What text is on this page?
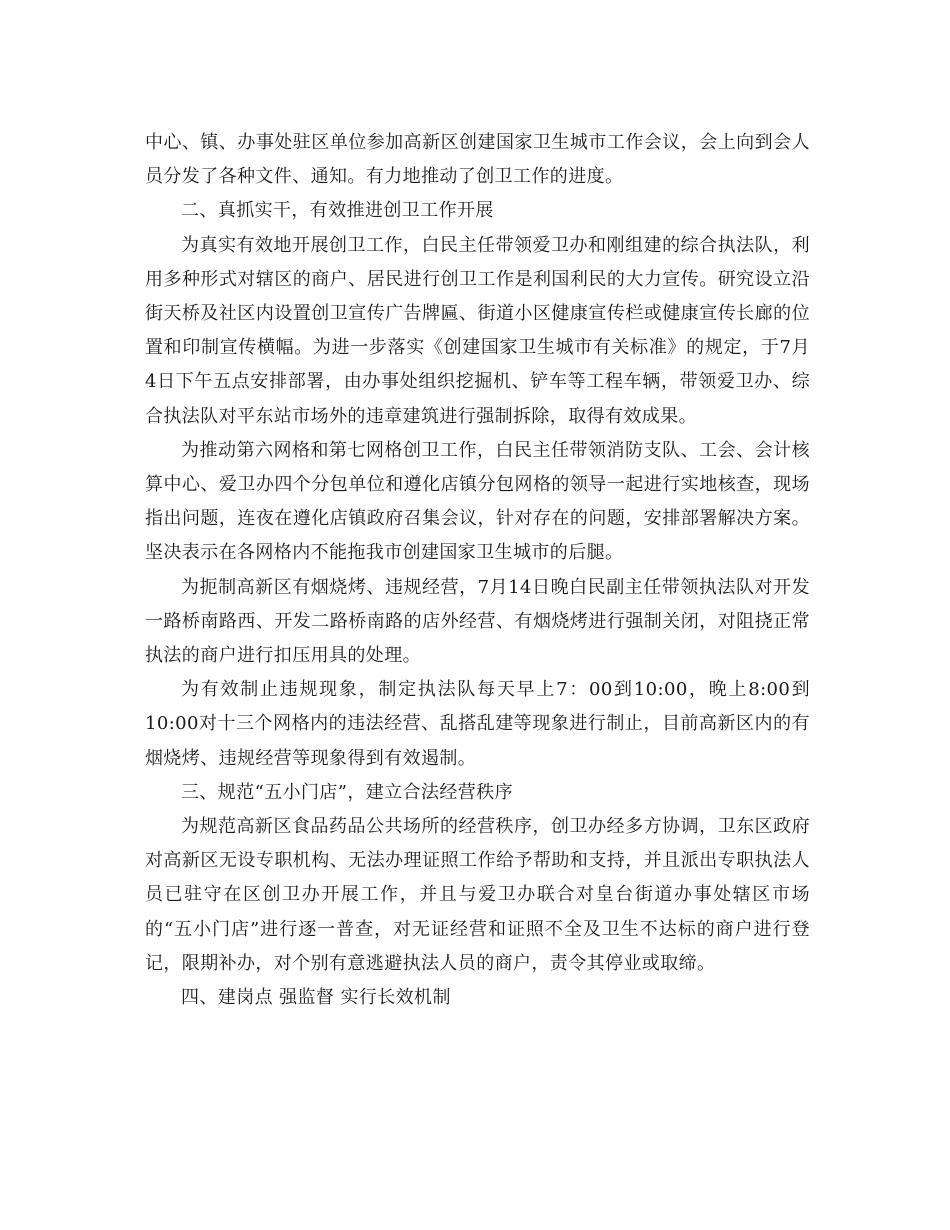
中心、镇、办事处驻区单位参加高新区创建国家卫生城市工作会议，会上向到会人员分发了各种文件、通知。有力地推动了创卫工作的进度。

二、真抓实干，有效推进创卫工作开展

为真实有效地开展创卫工作，白民主任带领爱卫办和刚组建的综合执法队，利用多种形式对辖区的商户、居民进行创卫工作是利国利民的大力宣传。研究设立沿街天桥及社区内设置创卫宣传广告牌匾、街道小区健康宣传栏或健康宣传长廊的位置和印制宣传横幅。为进一步落实《创建国家卫生城市有关标准》的规定，于7月4日下午五点安排部署，由办事处组织挖掘机、铲车等工程车辆，带领爱卫办、综合执法队对平东站市场外的违章建筑进行强制拆除，取得有效成果。

为推动第六网格和第七网格创卫工作，白民主任带领消防支队、工会、会计核算中心、爱卫办四个分包单位和遵化店镇分包网格的领导一起进行实地核查，现场指出问题，连夜在遵化店镇政府召集会议，针对存在的问题，安排部署解决方案。坚决表示在各网格内不能拖我市创建国家卫生城市的后腿。

为扼制高新区有烟烧烤、违规经营，7月14日晚白民副主任带领执法队对开发一路桥南路西、开发二路桥南路的店外经营、有烟烧烤进行强制关闭，对阻挠正常执法的商户进行扣压用具的处理。

为有效制止违规现象，制定执法队每天早上7：00到10:00，晚上8:00到10:00对十三个网格内的违法经营、乱搭乱建等现象进行制止，目前高新区内的有烟烧烤、违规经营等现象得到有效遏制。

三、规范“五小门店”，建立合法经营秩序

为规范高新区食品药品公共场所的经营秩序，创卫办经多方协调，卫东区政府对高新区无设专职机构、无法办理证照工作给予帮助和支持，并且派出专职执法人员已驻守在区创卫办开展工作，并且与爱卫办联合对皇台街道办事处辖区市场的“五小门店”进行逐一普查，对无证经营和证照不全及卫生不达标的商户进行登记，限期补办，对个别有意逃避执法人员的商户，责令其停业或取缔。

四、建岗点 强监督 实行长效机制
